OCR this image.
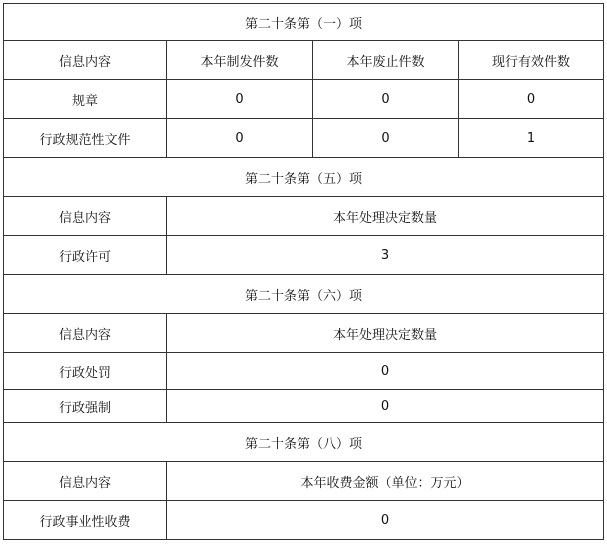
第二十条第（一）项			
信息内容	本年制发件数	本年废止件数	现行有效件数
规章	0	0	0
行政规范性文件	0	0	1
第二十条第（五）项			
信息内容	本年处理决定数量		
行政许可	3		
第二十条第（六）项			
信息内容	本年处理决定数量		
行政处罚	0		
行政强制	0		
第二十条第（八）项			
信息内容	本年收费金额（单位：万元）		
行政事业性收费	0		
